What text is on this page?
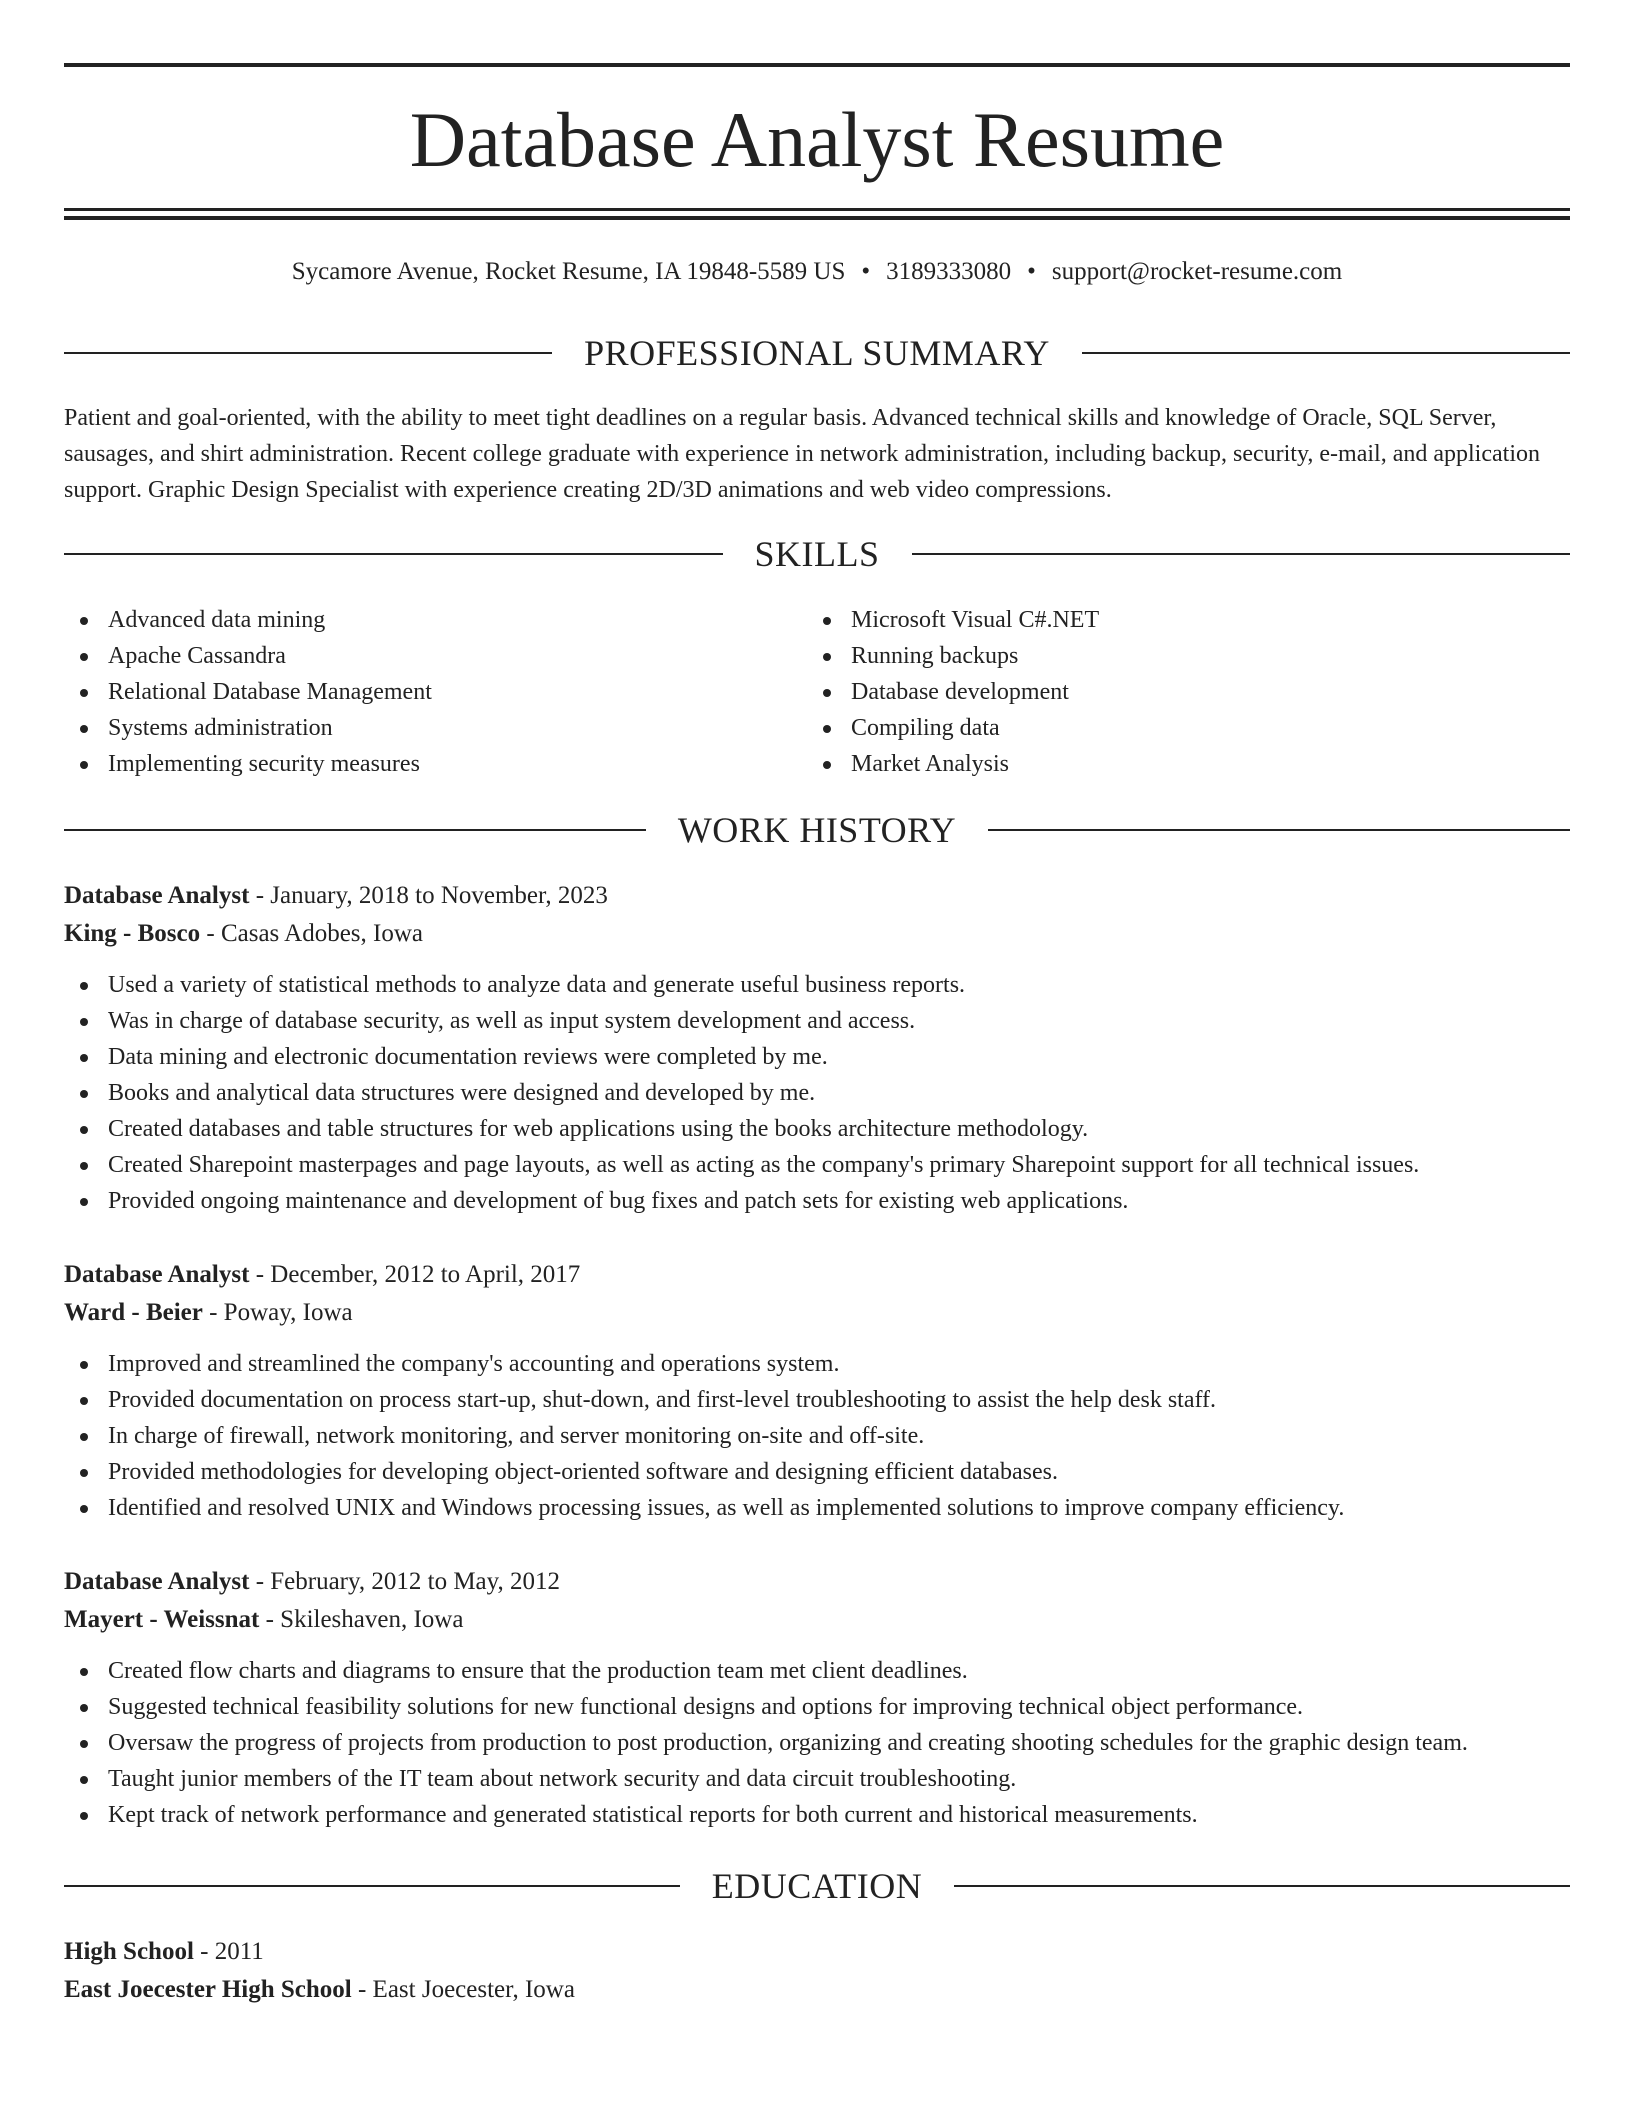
Database Analyst Resume
Sycamore Avenue, Rocket Resume, IA 19848-5589 US • 3189333080 • support@rocket-resume.com
PROFESSIONAL SUMMARY

Patient and goal-oriented, with the ability to meet tight deadlines on a regular basis. Advanced technical skills and knowledge of Oracle, SQL Server, sausages, and shirt administration. Recent college graduate with experience in network administration, including backup, security, e-mail, and application support. Graphic Design Specialist with experience creating 2D/3D animations and web video compressions.

SKILLS
Advanced data mining
Apache Cassandra
Relational Database Management
Systems administration
Implementing security measures
Microsoft Visual C#.NET
Running backups
Database development
Compiling data
Market Analysis
WORK HISTORY
Database Analyst - January, 2018 to November, 2023
King - Bosco - Casas Adobes, Iowa
Used a variety of statistical methods to analyze data and generate useful business reports.
Was in charge of database security, as well as input system development and access.
Data mining and electronic documentation reviews were completed by me.
Books and analytical data structures were designed and developed by me.
Created databases and table structures for web applications using the books architecture methodology.
Created Sharepoint masterpages and page layouts, as well as acting as the company's primary Sharepoint support for all technical issues.
Provided ongoing maintenance and development of bug fixes and patch sets for existing web applications.
Database Analyst - December, 2012 to April, 2017
Ward - Beier - Poway, Iowa
Improved and streamlined the company's accounting and operations system.
Provided documentation on process start-up, shut-down, and first-level troubleshooting to assist the help desk staff.
In charge of firewall, network monitoring, and server monitoring on-site and off-site.
Provided methodologies for developing object-oriented software and designing efficient databases.
Identified and resolved UNIX and Windows processing issues, as well as implemented solutions to improve company efficiency.
Database Analyst - February, 2012 to May, 2012
Mayert - Weissnat - Skileshaven, Iowa
Created flow charts and diagrams to ensure that the production team met client deadlines.
Suggested technical feasibility solutions for new functional designs and options for improving technical object performance.
Oversaw the progress of projects from production to post production, organizing and creating shooting schedules for the graphic design team.
Taught junior members of the IT team about network security and data circuit troubleshooting.
Kept track of network performance and generated statistical reports for both current and historical measurements.
EDUCATION
High School - 2011
East Joecester High School - East Joecester, Iowa
